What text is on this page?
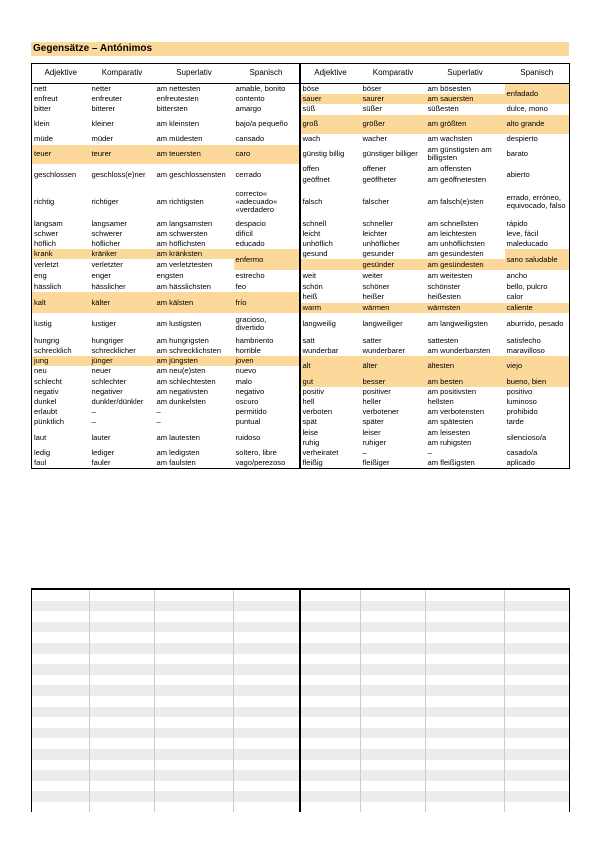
Gegensätze – Antónimos
Adjektive	Komparativ	Superlativ	Spanisch	Adjektive	Komparativ	Superlativ	Spanisch
nett	netter	am nettesten	amable, bonito	böse	böser	am bösesten	enfadado
enfreut	enfreuter	enfreutesten	contento	sauer	saurer	am sauersten	
bitter	bitterer	bittersten	amargo	süß	süßer	süßesten	dulce, mono
klein	kleiner	am kleinsten	bajo/a pequeño	groß	größer	am größten	alto grande
müde	müder	am müdesten	cansado	wach	wacher	am wachsten	despierto
teuer	teurer	am teuersten	caro	günstig billig	günstiger billiger	am günstigsten am billigsten	barato
geschlossen	geschloss(e)ner	am geschlossensten	cerrado	offen	offener	am offensten	abierto
				geöffnet	geöffheter	am geöffnetesten	
richtig	richtiger	am richtigsten	correcto« «adecuado« «verdadero	falsch	falscher	am falsch(e)sten	errado, erróneo, equivocado, falso
langsam	langsamer	am langsamsten	despacio	schnell	schneller	am schnellsten	rápido
schwer	schwerer	am schwersten	difícil	leicht	leichter	am leichtesten	leve, fácil
höflich	höflicher	am höflichsten	educado	unhöflich	unhöflicher	am unhöflichsten	maleducado
krank	kränker	am kränksten	enfermo	gesund	gesunder	am gesundesten	sano saludable
verletzt	verletzter	am verletztesten			gesünder	am gesündesten	
eng	enger	engsten	estrecho	weit	weiter	am weitesten	ancho
hässlich	hässlicher	am hässlichsten	feo	schön	schöner	schönster	bello, pulcro
kalt	kälter	am kälsten	frío	heiß	heißer	heißesten	calor
				warm	wärmen	wärmsten	caliente
lustig	lustiger	am lustigsten	gracioso, divertido	langweilig	langweiliger	am langweiligsten	aburrido, pesado
hungrig	hungriger	am hungrigsten	hambriento	satt	satter	sattesten	satisfecho
schrecklich	schrecklicher	am schrecklichsten	horrible	wunderbar	wunderbarer	am wunderbarsten	maravilloso
jung	jünger	am jüngsten	joven	alt	älter	ältesten	viejo
neu	neuer	am neu(e)sten	nuevo				
schlecht	schlechter	am schlechtesten	malo	gut	besser	am besten	bueno, bien
negativ	negativer	am negativsten	negativo	positiv	positiver	am positivsten	positivo
dunkel	dunkler/dünkler	am dunkelsten	oscuro	hell	heller	hellsten	luminoso
erlaubt	–	–	permitido	verboten	verbotener	am verbotensten	prohibido
pünktlich	–	–	puntual	spät	später	am spätesten	tarde
laut	lauter	am lautesten	ruidoso	leise	leiser	am leisesten	silencioso/a
				ruhig	ruhiger	am ruhigsten	
ledig	lediger	am ledigsten	soltero, libre	verheiratet	–	–	casado/a
faul	fauler	am faulsten	vago/perezoso	fleißig	fleißiger	am fleißigsten	aplicado
